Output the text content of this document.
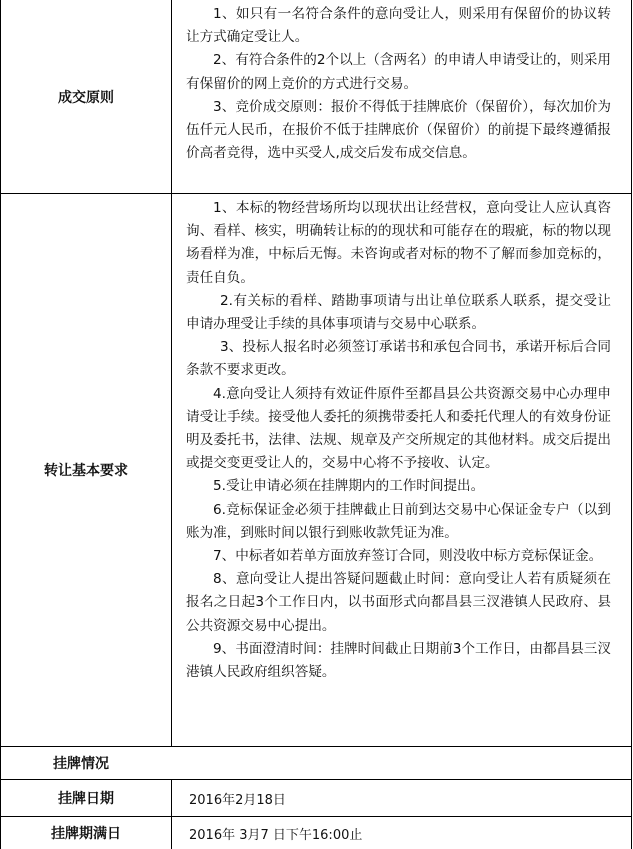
成交原则

1、如只有一名符合条件的意向受让人，则采用有保留价的协议转让方式确定受让人。

2、有符合条件的2个以上（含两名）的申请人申请受让的，则采用有保留价的网上竞价的方式进行交易。

3、竞价成交原则：报价不得低于挂牌底价（保留价），每次加价为伍仟元人民币，在报价不低于挂牌底价（保留价）的前提下最终遵循报价高者竞得，选中买受人,成交后发布成交信息。

转让基本要求

1、本标的物经营场所均以现状出让经营权，意向受让人应认真咨询、看样、核实，明确转让标的的现状和可能存在的瑕疵，标的物以现场看样为准，中标后无悔。未咨询或者对标的物不了解而参加竞标的，责任自负。

2.有关标的看样、踏勘事项请与出让单位联系人联系，提交受让申请办理受让手续的具体事项请与交易中心联系。

3、投标人报名时必须签订承诺书和承包合同书，承诺开标后合同条款不要求更改。

4.意向受让人须持有效证件原件至都昌县公共资源交易中心办理申请受让手续。接受他人委托的须携带委托人和委托代理人的有效身份证明及委托书，法律、法规、规章及产交所规定的其他材料。成交后提出或提交变更受让人的，交易中心将不予接收、认定。

5.受让申请必须在挂牌期内的工作时间提出。

6.竞标保证金必须于挂牌截止日前到达交易中心保证金专户（以到账为准，到账时间以银行到账收款凭证为准。

7、中标者如若单方面放弃签订合同，则没收中标方竞标保证金。

8、意向受让人提出答疑问题截止时间：意向受让人若有质疑须在报名之日起3个工作日内，以书面形式向都昌县三汊港镇人民政府、县公共资源交易中心提出。

9、书面澄清时间：挂牌时间截止日期前3个工作日，由都昌县三汊港镇人民政府组织答疑。

挂牌情况
挂牌日期	2016年2月18日
挂牌期满日	2016年 3月7 日下午16:00止
